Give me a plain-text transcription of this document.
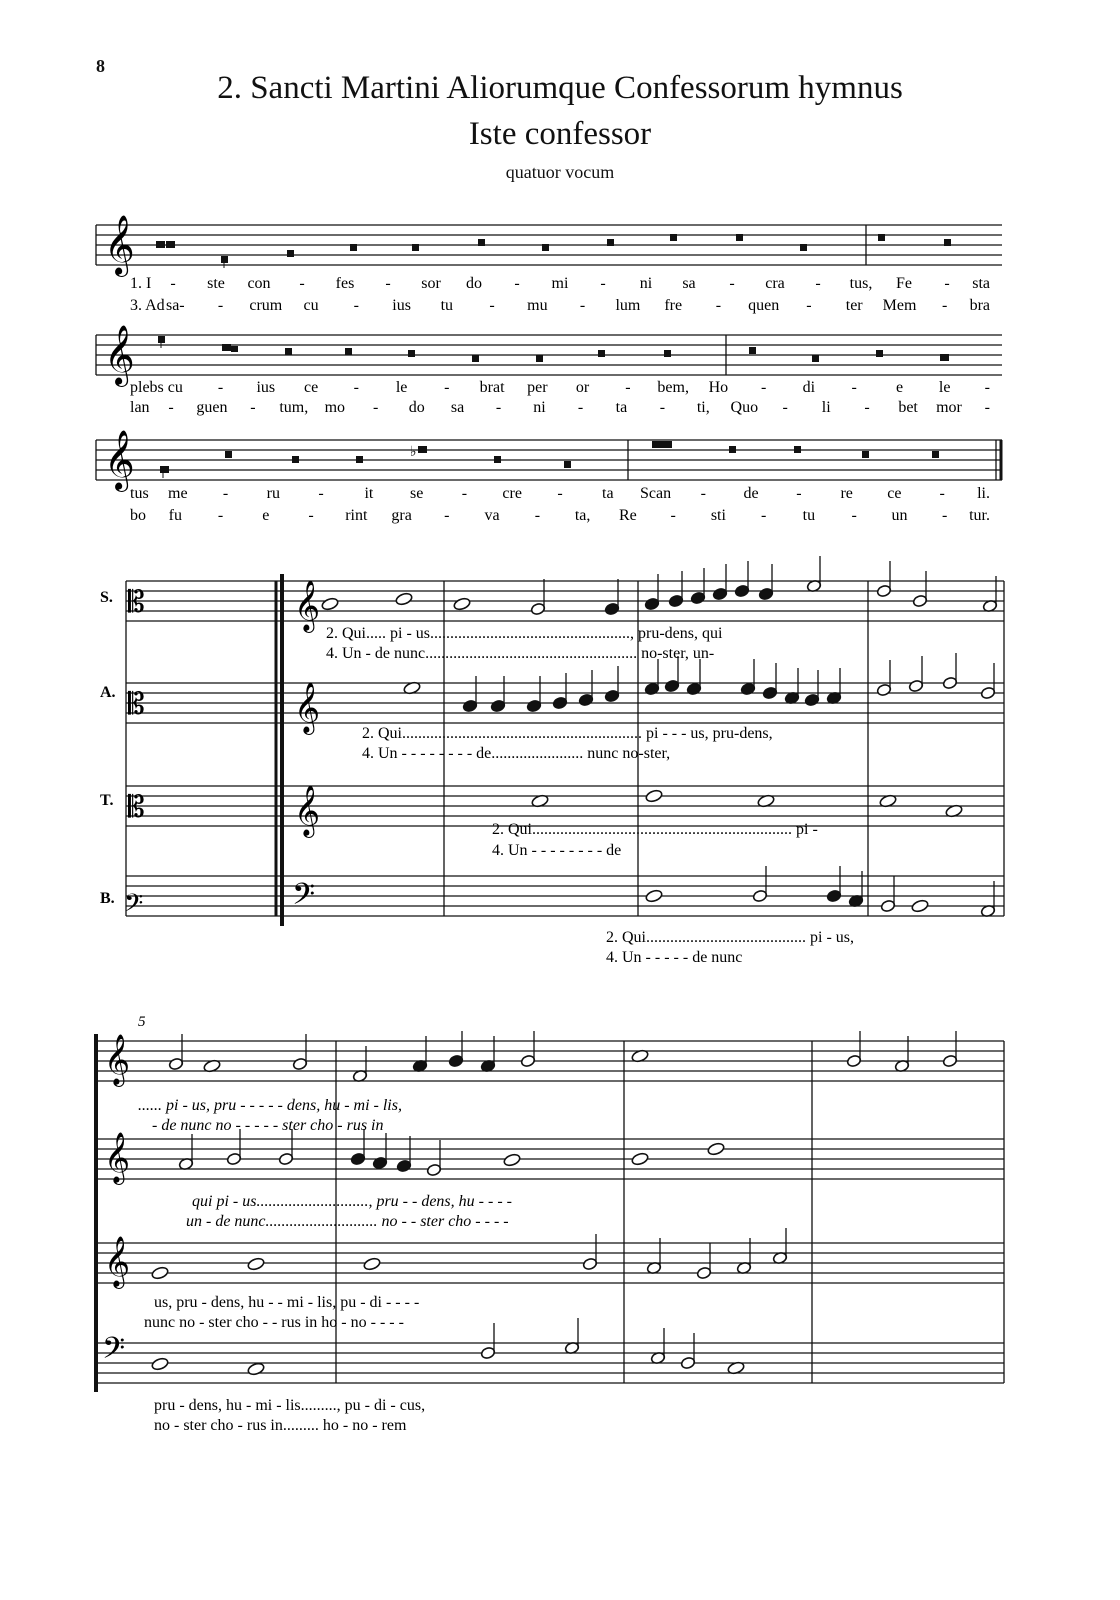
8
2. Sancti Martini Aliorumque Confessorum hymnus
Iste confessor
quatuor vocum
𝄞
𝄞
𝄞	♭
1. I - ste con - fes - sor do - mi - ni sa - cra - tus, Fe - sta
3. Ad sa- - crum cu - ius tu - mu - lum fre - quen - ter Mem - bra
plebs cu - ius ce - le - brat per or - bem, Ho - di - e le -
lan - guen - tum, mo - do sa - ni - ta - ti, Quo - li - bet mor -
tus me - ru -	it se - cre - ta Scan - de - re ce - li.
bo fu - e - rint gra - va - ta, Re - sti - tu - un - tur.
𝄡
𝄡
𝄡
𝄢
𝄞
𝄞
𝄞
𝄢
S.
A.
T.
B.
2. Qui..... pi - us.................................................., pru-dens, qui
4. Un - de nunc..................................................... no-ster, un-
2. Qui............................................................ pi - - - us, pru-dens,
4. Un - - - - - - - - de....................... nunc no-ster,
2. Qui................................................................. pi -
4. Un - - - - - - - - de
2. Qui........................................ pi - us,
4. Un - - - - - de nunc
5
𝄞
𝄞
𝄞
𝄢
...... pi - us, pru - - - - - dens, hu - mi - lis,
- de nunc no - - - - - ster cho - rus in
qui pi - us............................, pru - - dens, hu - - - -
un - de nunc............................ no - - ster cho - - - -
us, pru - dens, hu - - mi - lis, pu - di - - - -
nunc no - ster cho - - rus in ho - no - - - -
pru - dens, hu - mi - lis........., pu - di - cus,
no - ster cho - rus in......... ho - no - rem
